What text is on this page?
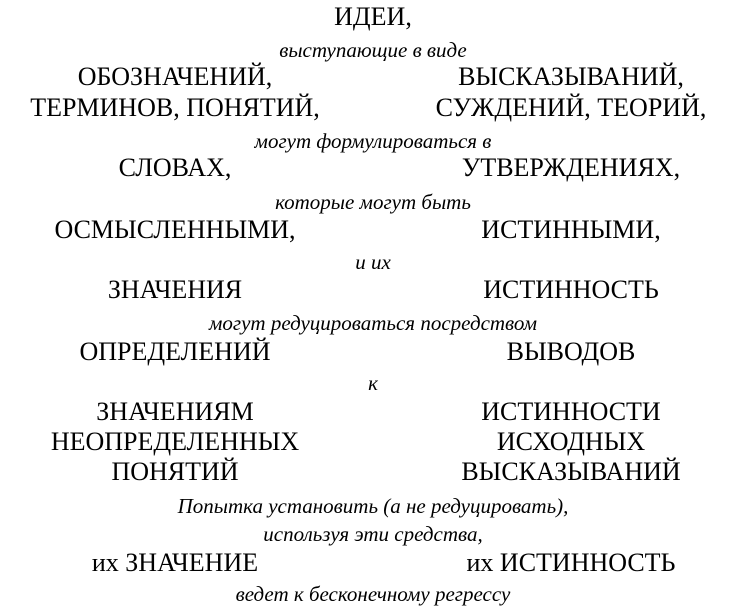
ИДЕИ,
выступающие в виде
ОБОЗНАЧЕНИЙ,	ВЫСКАЗЫВАНИЙ,
ТЕРМИНОВ, ПОНЯТИЙ,	СУЖДЕНИЙ, ТЕОРИЙ,
могут формулироваться в
СЛОВАХ,	УТВЕРЖДЕНИЯХ,
которые могут быть
ОСМЫСЛЕННЫМИ,	ИСТИННЫМИ,
и их
ЗНАЧЕНИЯ	ИСТИННОСТЬ
могут редуцироваться посредством
ОПРЕДЕЛЕНИЙ	ВЫВОДОВ
к
ЗНАЧЕНИЯМ	ИСТИННОСТИ
НЕОПРЕДЕЛЕННЫХ	ИСХОДНЫХ
ПОНЯТИЙ	ВЫСКАЗЫВАНИЙ
Попытка установить (а не редуцировать),
используя эти средства,
их ЗНАЧЕНИЕ	их ИСТИННОСТЬ
ведет к бесконечному регрессу
